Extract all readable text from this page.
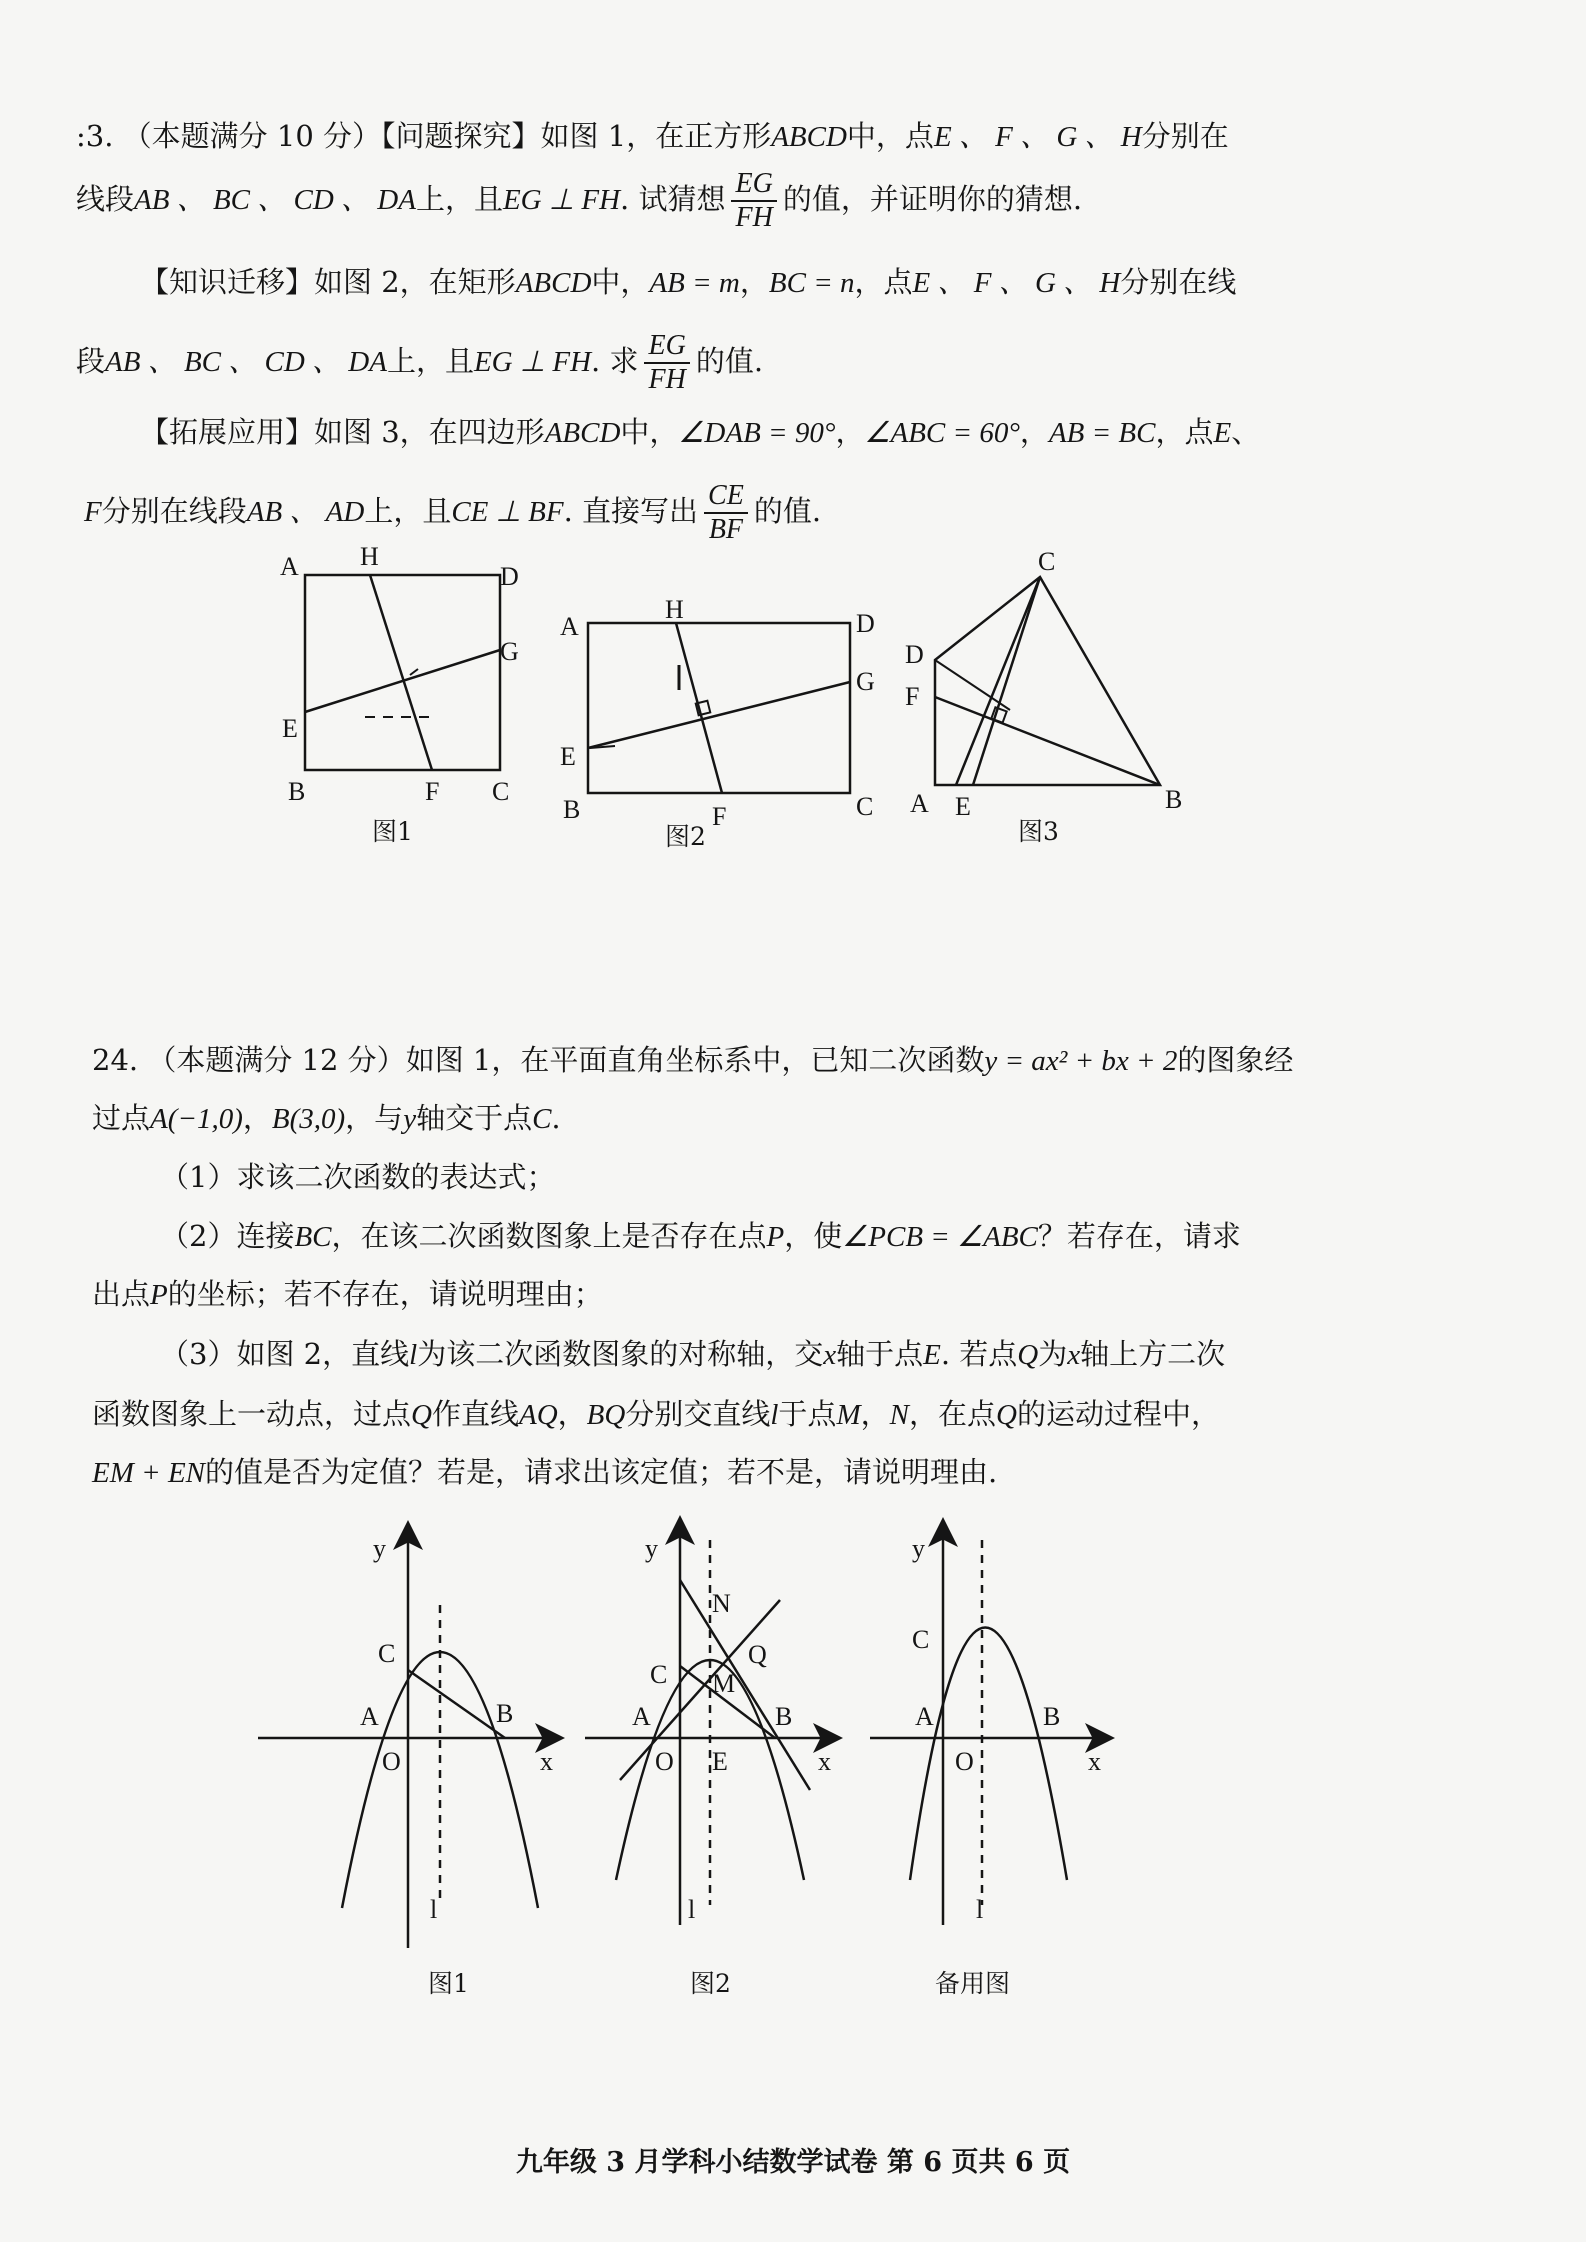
:3. （本题满分 10 分）【问题探究】如图 1，在正方形ABCD中，点E 、 F 、 G 、 H分别在
线段AB 、 BC 、 CD 、 DA上，且EG ⊥ FH. 试猜想 $\frac{EG}{FH}$ 的值，并证明你的猜想.
【知识迁移】如图 2，在矩形ABCD中，AB = m，BC = n，点E 、 F 、 G 、 H分别在线
段AB 、 BC 、 CD 、 DA上，且EG ⊥ FH. 求 $\frac{EG}{FH}$ 的值.
【拓展应用】如图 3，在四边形ABCD中，∠DAB = 90°，∠ABC = 60°，AB = BC，点E、
F分别在线段AB 、 AD上，且CE ⊥ BF. 直接写出 $\frac{CE}{BF}$ 的值.
A H
D
G
E
B	F C
图1
A
H	D
G
E
B	F	C
图2
C
D
F
A E	B
图3
24. （本题满分 12 分）如图 1，在平面直角坐标系中，已知二次函数y = ax² + bx + 2的图象经
过点A(−1,0)，B(3,0)，与y轴交于点C.
（1）求该二次函数的表达式；
（2）连接BC，在该二次函数图象上是否存在点P，使∠PCB = ∠ABC？若存在，请求
出点P的坐标；若不存在，请说明理由；
（3）如图 2，直线l为该二次函数图象的对称轴，交x轴于点E. 若点Q为x轴上方二次
函数图象上一动点，过点Q作直线AQ，BQ分别交直线l于点M，N，在点Q的运动过程中，
EM + EN的值是否为定值？若是，请求出该定值；若不是，请说明理由.
y
C
A	B
O	x
l
图1
y
N
Q
C M
A	B
O E	x
l
图2
y
C
A	B
O	x
l
备用图
九年级 3 月学科小结数学试卷 第 6 页共 6 页
